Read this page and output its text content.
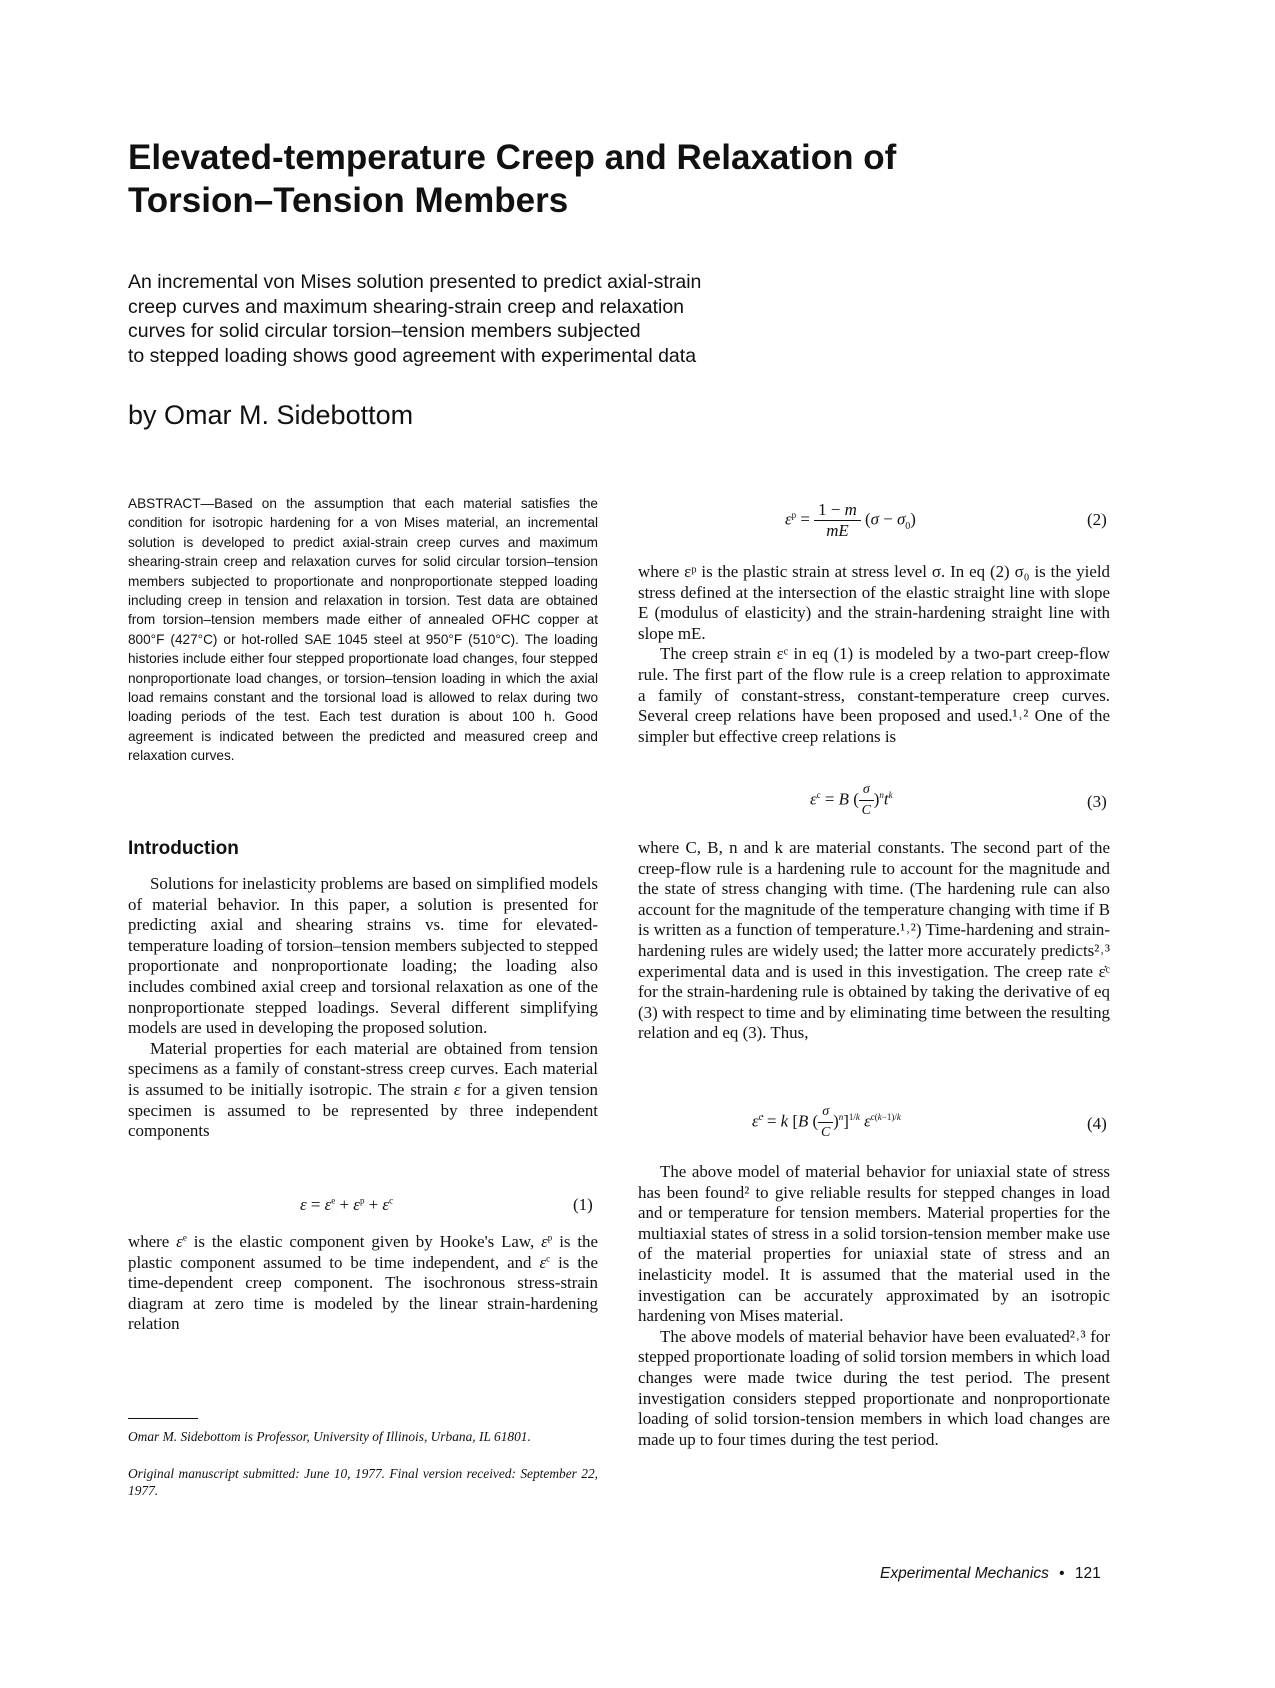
Elevated-temperature Creep and Relaxation of
Torsion–Tension Members
An incremental von Mises solution presented to predict axial-strain
creep curves and maximum shearing-strain creep and relaxation
curves for solid circular torsion–tension members subjected
to stepped loading shows good agreement with experimental data
by Omar M. Sidebottom
ABSTRACT—Based on the assumption that each material satisfies the condition for isotropic hardening for a von Mises material, an incremental solution is developed to predict axial-strain creep curves and maximum shearing-strain creep and relaxation curves for solid circular torsion–tension members subjected to proportionate and nonproportionate stepped loading including creep in tension and relaxation in torsion. Test data are obtained from torsion–tension members made either of annealed OFHC copper at 800°F (427°C) or hot-rolled SAE 1045 steel at 950°F (510°C). The loading histories include either four stepped proportionate load changes, four stepped nonproportionate load changes, or torsion–tension loading in which the axial load remains constant and the torsional load is allowed to relax during two loading periods of the test. Each test duration is about 100 h. Good agreement is indicated between the predicted and measured creep and relaxation curves.
Introduction

Solutions for inelasticity problems are based on simplified models of material behavior. In this paper, a solution is presented for predicting axial and shearing strains vs. time for elevated-temperature loading of torsion–tension members subjected to stepped proportionate and nonproportionate loading; the loading also includes combined axial creep and torsional relaxation as one of the nonproportionate stepped loadings. Several different simplifying models are used in developing the proposed solution.

Material properties for each material are obtained from tension specimens as a family of constant-stress creep curves. Each material is assumed to be initially isotropic. The strain ε for a given tension specimen is assumed to be represented by three independent components

$\varepsilon = \varepsilon^e + \varepsilon^p + \varepsilon^c$	(1)

where $\varepsilon^e$ is the elastic component given by Hooke's Law, $\varepsilon^p$ is the plastic component assumed to be time independent, and $\varepsilon^c$ is the time-dependent creep component. The isochronous stress-strain diagram at zero time is modeled by the linear strain-hardening relation

Omar M. Sidebottom is Professor, University of Illinois, Urbana, IL 61801.
Original manuscript submitted: June 10, 1977. Final version received: September 22, 1977.
$\varepsilon^p = \frac{1 - m}{mE} (\sigma - \sigma_0)$	(2)

where εᵖ is the plastic strain at stress level σ. In eq (2) σ₀ is the yield stress defined at the intersection of the elastic straight line with slope E (modulus of elasticity) and the strain-hardening straight line with slope mE.

The creep strain εᶜ in eq (1) is modeled by a two-part creep-flow rule. The first part of the flow rule is a creep relation to approximate a family of constant-stress, constant-temperature creep curves. Several creep relations have been proposed and used.¹˒² One of the simpler but effective creep relations is

$\varepsilon^c = B$ ( $\frac{\sigma}{C} )^nt^k$	(3)

where C, B, n and k are material constants. The second part of the creep-flow rule is a hardening rule to account for the magnitude and the state of stress changing with time. (The hardening rule can also account for the magnitude of the temperature changing with time if B is written as a function of temperature.¹˒²) Time-hardening and strain-hardening rules are widely used; the latter more accurately predicts²˒³ experimental data and is used in this investigation. The creep rate ε̇ᶜ for the strain-hardening rule is obtained by taking the derivative of eq (3) with respect to time and by eliminating time between the resulting relation and eq (3). Thus,

ε̇$^c$ = k [B ( $\frac{\sigma}{C} )^n]^{1/k}$ $\varepsilon^{c(k-1)/k}$	(4)

The above model of material behavior for uniaxial state of stress has been found² to give reliable results for stepped changes in load and or temperature for tension members. Material properties for the multiaxial states of stress in a solid torsion-tension member make use of the material properties for uniaxial state of stress and an inelasticity model. It is assumed that the material used in the investigation can be accurately approximated by an isotropic hardening von Mises material.

The above models of material behavior have been evaluated²˒³ for stepped proportionate loading of solid torsion members in which load changes were made twice during the test period. The present investigation considers stepped proportionate and nonproportionate loading of solid torsion-tension members in which load changes are made up to four times during the test period.

Experimental Mechanics • 121
